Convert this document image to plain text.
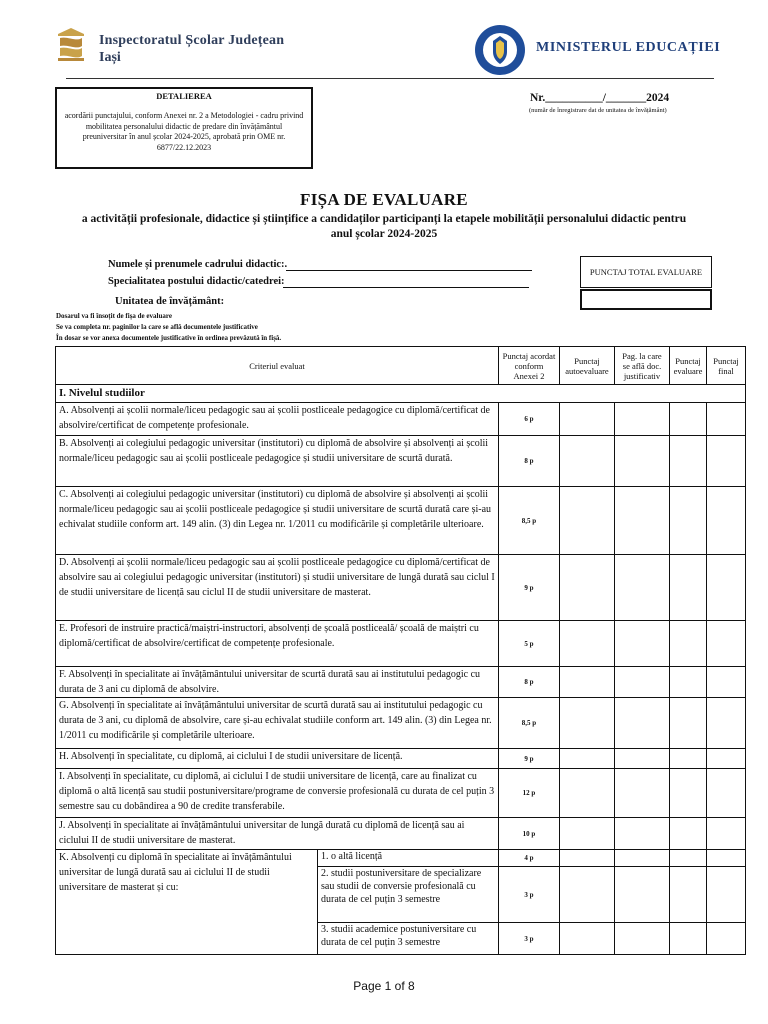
Inspectoratul Școlar Județean
Iași
MINISTERUL EDUCAȚIEI
DETALIEREA
acordării punctajului, conform Anexei nr. 2 a Metodologiei - cadru privind mobilitatea personalului didactic de predare din învățământul preuniversitar în anul școlar 2024-2025, aprobată prin OME nr. 6877/22.12.2023
Nr.__________/_______2024
(număr de înregistrare dat de unitatea de învățământ)
FIȘA DE EVALUARE
a activității profesionale, didactice și științifice a candidaților participanți la etapele mobilității personalului didactic pentru anul școlar 2024-2025
Numele și prenumele cadrului didactic:.
Specialitatea postului didactic/catedrei:
Unitatea de învățământ:
PUNCTAJ TOTAL EVALUARE
Dosarul va fi însoțit de fișa de evaluare
Se va completa nr. paginilor la care se află documentele justificative
În dosar se vor anexa documentele justificative în ordinea prevăzută în fișă.
Criteriul evaluat		Punctaj acordat conform Anexei 2	Punctaj autoevaluare	Pag. la care se află doc. justificativ	Punctaj evaluare	Punctaj final
I. Nivelul studiilor						
A. Absolvenți ai școlii normale/liceu pedagogic sau ai școlii postliceale pedagogice cu diplomă/certificat de absolvire/certificat de competențe profesionale.		6 p				
B. Absolvenți ai colegiului pedagogic universitar (institutori) cu diplomă de absolvire și absolvenți ai școlii normale/liceu pedagogic sau ai școlii postliceale pedagogice și studii universitare de scurtă durată.		8 p				
C. Absolvenți ai colegiului pedagogic universitar (institutori) cu diplomă de absolvire și absolvenți ai școlii normale/liceu pedagogic sau ai școlii postliceale pedagogice și studii universitare de scurtă durată care și-au echivalat studiile conform art. 149 alin. (3) din Legea nr. 1/2011 cu modificările și completările ulterioare.		8,5 p				
D. Absolvenți ai școlii normale/liceu pedagogic sau ai școlii postliceale pedagogice cu diplomă/certificat de absolvire sau ai colegiului pedagogic universitar (institutori) și studii universitare de lungă durată sau ciclul I de studii universitare de licență sau ciclul II de studii universitare de masterat.		9 p				
E. Profesori de instruire practică/maiștri-instructori, absolvenți de școală postliceală/ școală de maiștri cu diplomă/certificat de absolvire/certificat de competențe profesionale.		5 p				
F. Absolvenți în specialitate ai învățământului universitar de scurtă durată sau ai institutului pedagogic cu durata de 3 ani cu diplomă de absolvire.		8 p				
G. Absolvenți în specialitate ai învățământului universitar de scurtă durată sau ai institutului pedagogic cu durata de 3 ani, cu diplomă de absolvire, care și-au echivalat studiile conform art. 149 alin. (3) din Legea nr. 1/2011 cu modificările și completările ulterioare.		8,5 p				
H. Absolvenți în specialitate, cu diplomă, ai ciclului I de studii universitare de licență.		9 p				
I. Absolvenți în specialitate, cu diplomă, ai ciclului I de studii universitare de licență, care au finalizat cu diplomă o altă licență sau studii postuniversitare/programe de conversie profesională cu durata de cel puțin 3 semestre sau cu dobândirea a 90 de credite transferabile.		12 p				
J. Absolvenți în specialitate ai învățământului universitar de lungă durată cu diplomă de licență sau ai ciclului II de studii universitare de masterat.		10 p				
K. Absolvenți cu diplomă în specialitate ai învățământului universitar de lungă durată sau ai ciclului II de studii universitare de masterat și cu:	1. o altă licență	4 p				
	2. studii postuniversitare de specializare sau studii de conversie profesională cu durata de cel puțin 3 semestre	3 p				
	3. studii academice postuniversitare cu durata de cel puțin 3 semestre	3 p				
Page 1 of 8
